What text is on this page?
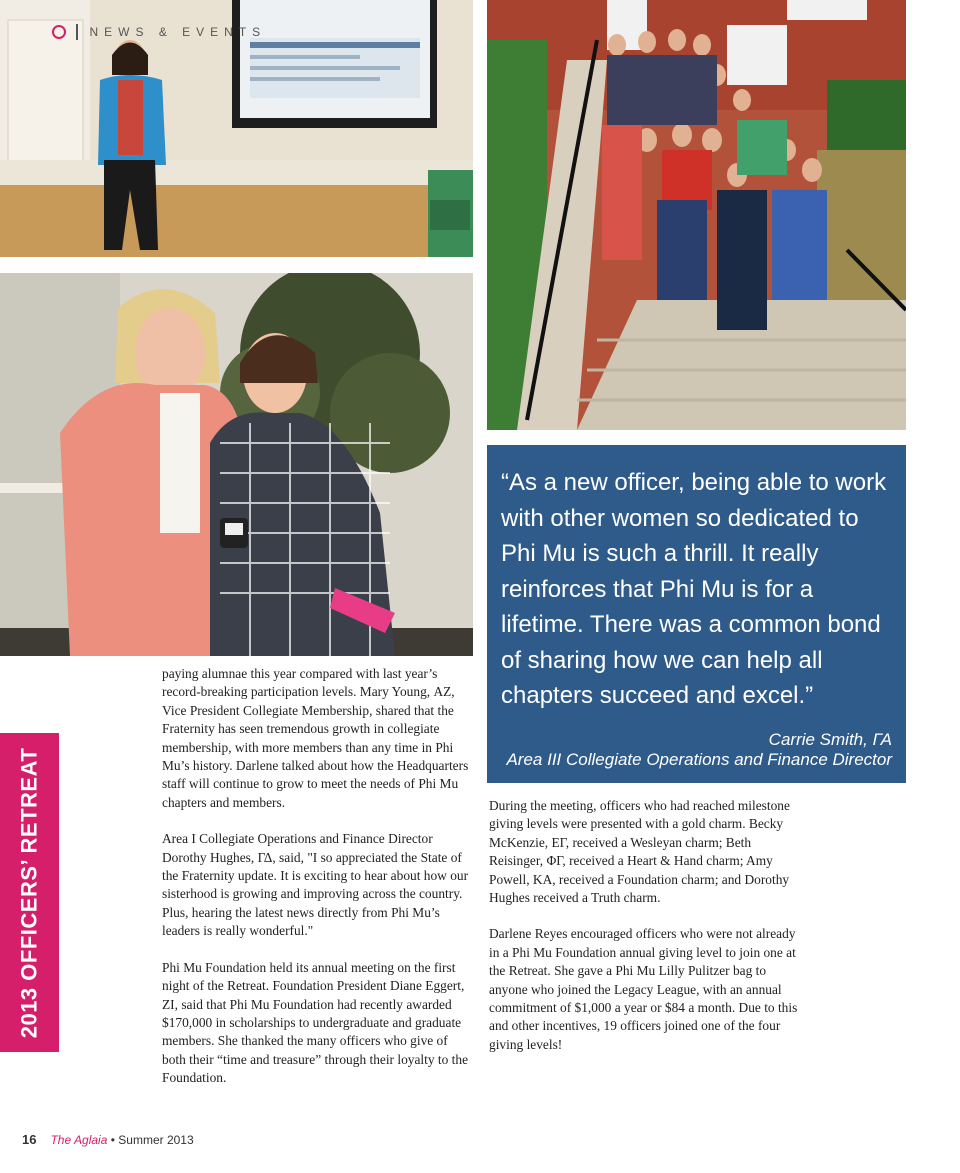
NEWS & EVENTS

“As a new officer, being able to work with other women so dedicated to Phi Mu is such a thrill. It really reinforces that Phi Mu is for a lifetime. There was a common bond of sharing how we can help all chapters succeed and excel.”

Carrie Smith, ΓΑ

Area III Collegiate Operations and Finance Director

paying alumnae this year compared with last year’s record-breaking participation levels. Mary Young, ΑΖ, Vice President Collegiate Membership, shared that the Fraternity has seen tremendous growth in collegiate membership, with more members than any time in Phi Mu’s history. Darlene talked about how the Headquarters staff will continue to grow to meet the needs of Phi Mu chapters and members.

Area I Collegiate Operations and Finance Director Dorothy Hughes, ΓΔ, said, "I so appreciated the State of the Fraternity update. It is exciting to hear about how our sisterhood is growing and improving across the country. Plus, hearing the latest news directly from Phi Mu’s leaders is really wonderful."

Phi Mu Foundation held its annual meeting on the first night of the Retreat. Foundation President Diane Eggert, ΖΙ, said that Phi Mu Foundation had recently awarded $170,000 in scholarships to undergraduate and graduate members. She thanked the many officers who give of both their “time and treasure” through their loyalty to the Foundation.

During the meeting, officers who had reached milestone giving levels were presented with a gold charm. Becky McKenzie, ΕΓ, received a Wesleyan charm; Beth Reisinger, ΦΓ, received a Heart & Hand charm; Amy Powell, ΚΑ, received a Foundation charm; and Dorothy Hughes received a Truth charm.

Darlene Reyes encouraged officers who were not already in a Phi Mu Foundation annual giving level to join one at the Retreat. She gave a Phi Mu Lilly Pulitzer bag to anyone who joined the Legacy League, with an annual commitment of $1,000 a year or $84 a month. Due to this and other incentives, 19 officers joined one of the four giving levels!

2013 OFFICERS’ RETREAT
16 The Aglaia • Summer 2013
